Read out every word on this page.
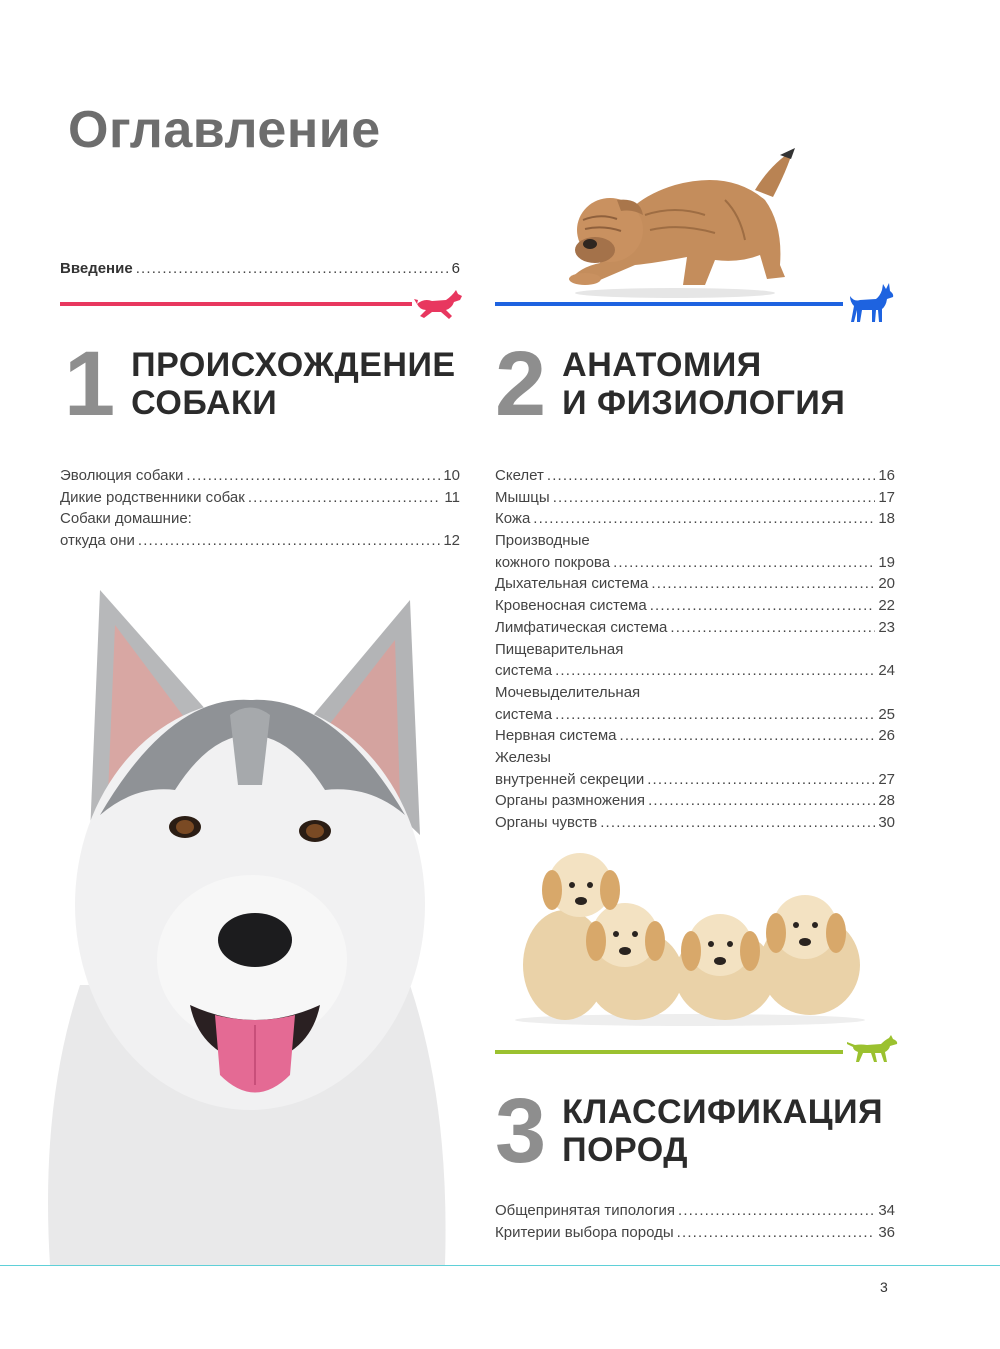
Оглавление
Введение . . .	6
1 ПРОИСХОЖДЕНИЕ
СОБАКИ	2 АНАТОМИЯ
И ФИЗИОЛОГИЯ
Эволюция собаки . . .	10
Дикие родственники собак . . .	11
Собаки домашние:
откуда они . . .	12
Скелет . . .	16
Мышцы . . .	17
Кожа . . .	18
Производные
кожного покрова . . .	19
Дыхательная система . . .	20
Кровеносная система . . .	22
Лимфатическая система . . .	23
Пищеварительная
система . . .	24
Мочевыделительная
система . . .	25
Нервная система . . .	26
Железы
внутренней секреции . . .	27
Органы размножения . . .	28
Органы чувств . . .	30
3 КЛАССИФИКАЦИЯ
ПОРОД
Общепринятая типология . . .	34
Критерии выбора породы . . .	36
3
